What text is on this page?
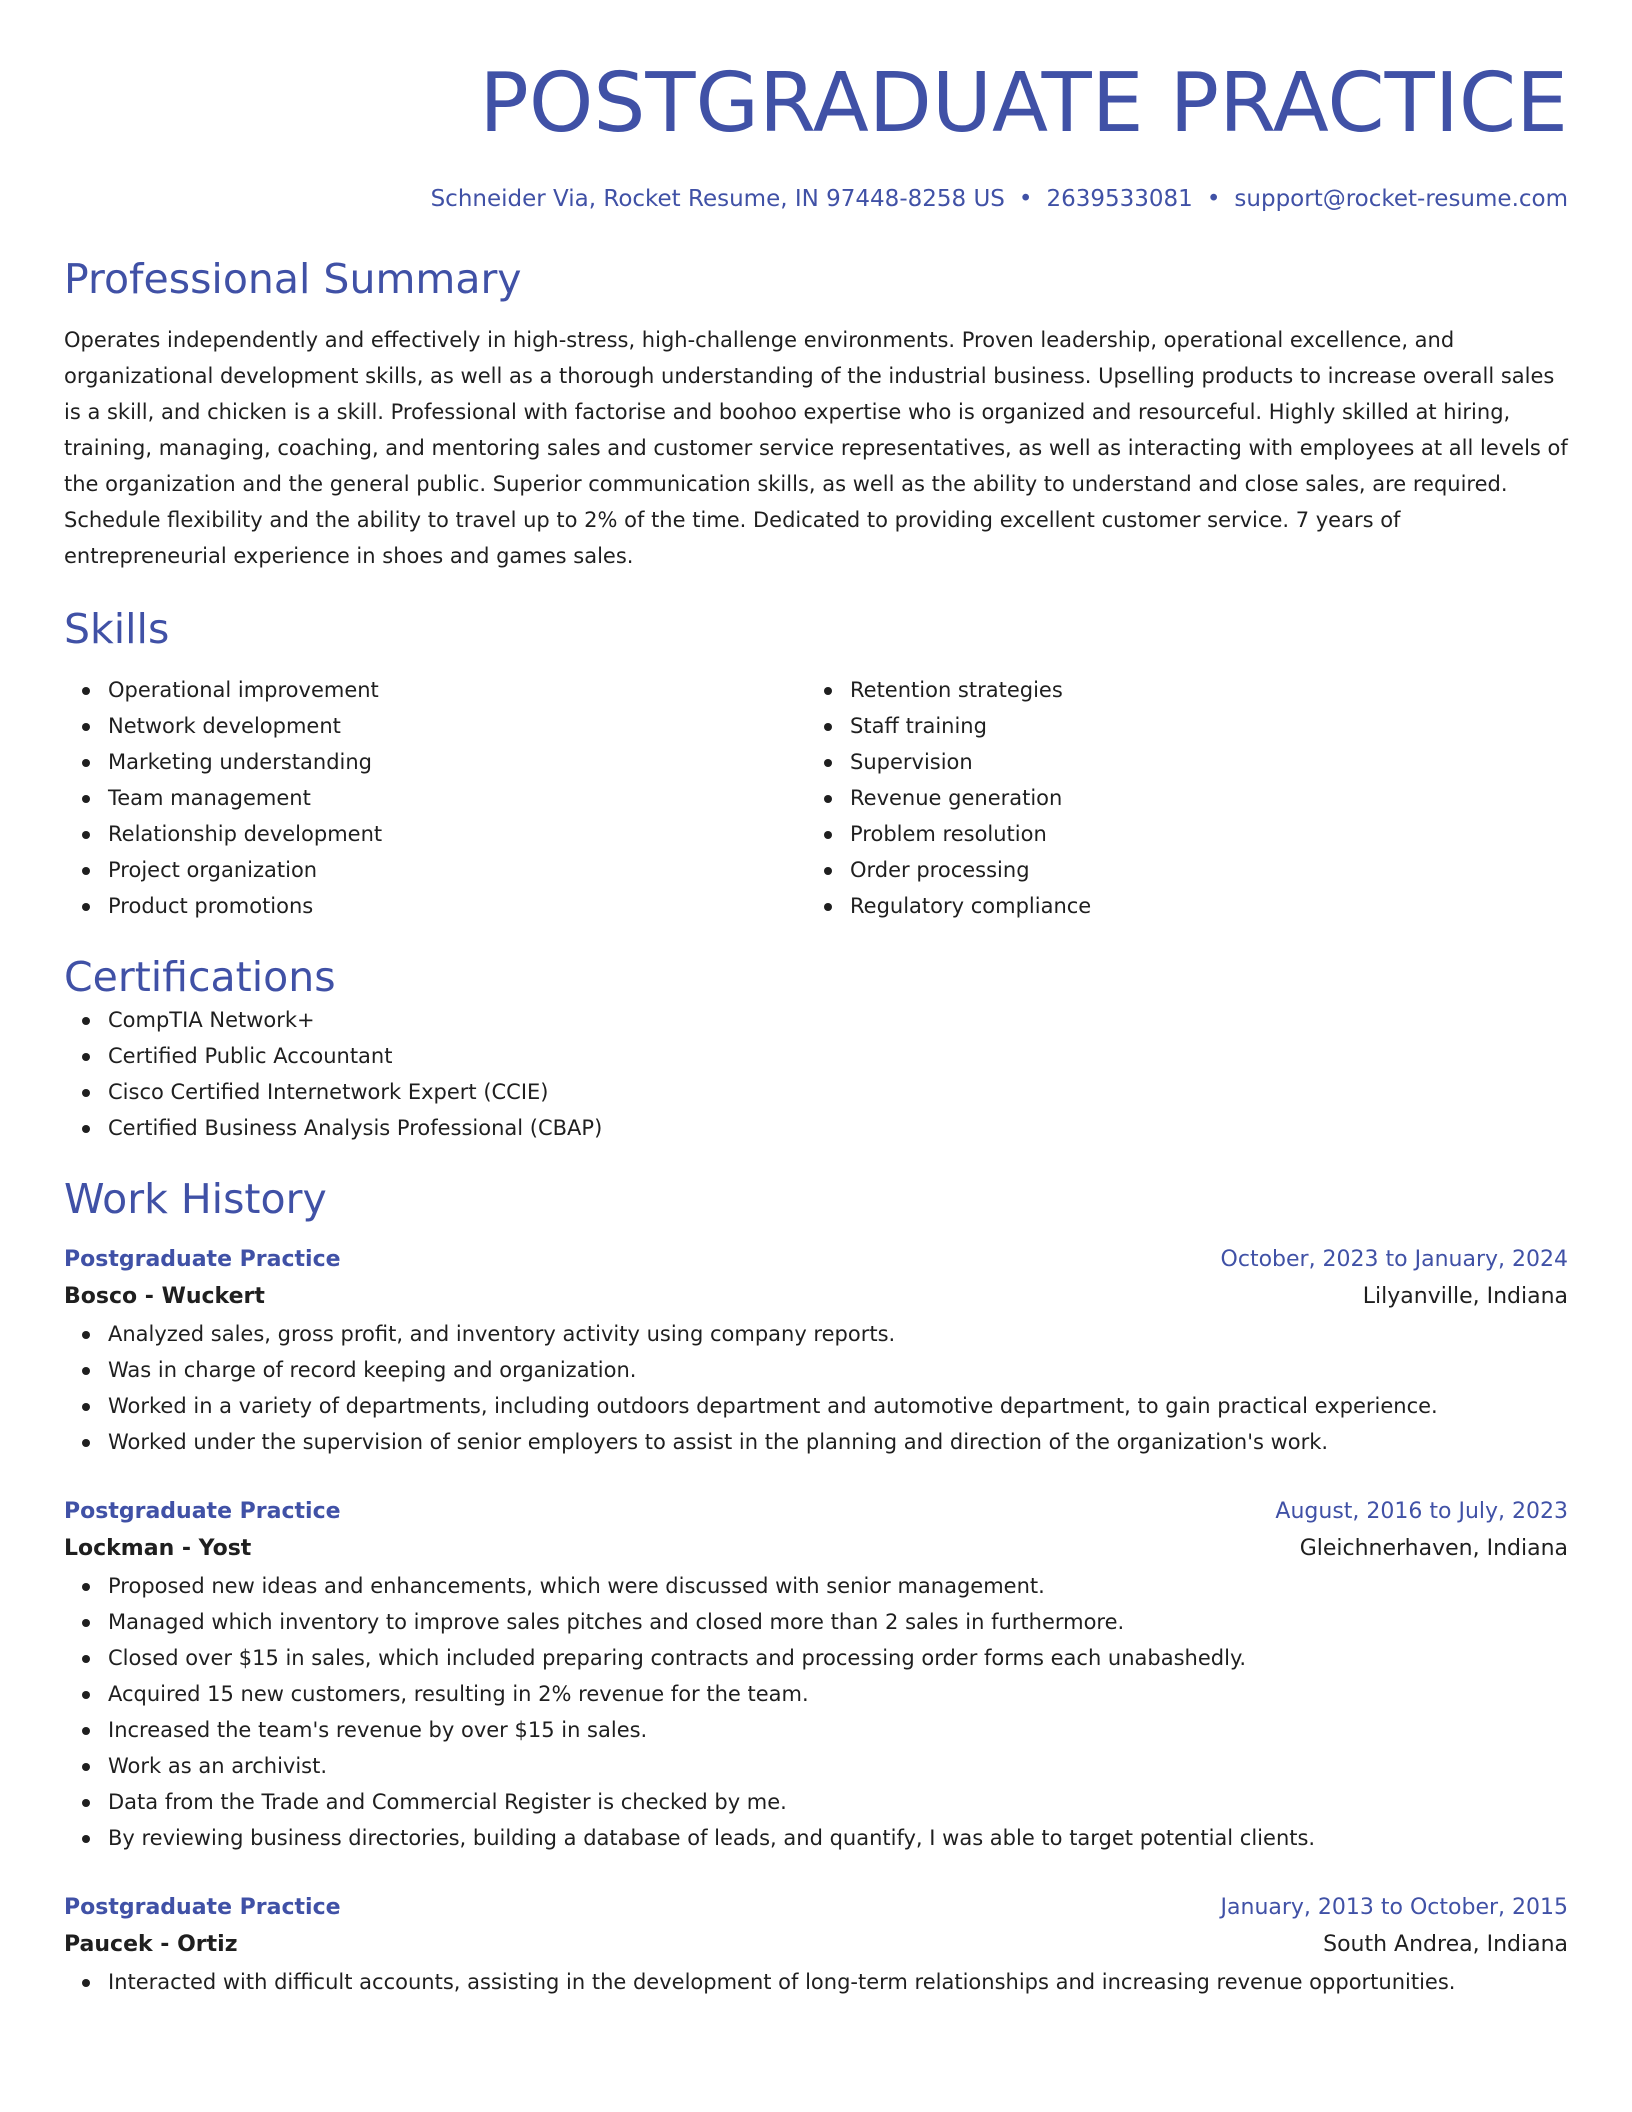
POSTGRADUATE PRACTICE
Schneider Via, Rocket Resume, IN 97448-8258 US • 2639533081 • support@rocket-resume.com
Professional Summary
Operates independently and effectively in high-stress, high-challenge environments. Proven leadership, operational excellence, and organizational development skills, as well as a thorough understanding of the industrial business. Upselling products to increase overall sales is a skill, and chicken is a skill. Professional with factorise and boohoo expertise who is organized and resourceful. Highly skilled at hiring, training, managing, coaching, and mentoring sales and customer service representatives, as well as interacting with employees at all levels of the organization and the general public. Superior communication skills, as well as the ability to understand and close sales, are required. Schedule flexibility and the ability to travel up to 2% of the time. Dedicated to providing excellent customer service. 7 years of entrepreneurial experience in shoes and games sales.
Skills
Operational improvement
Network development
Marketing understanding
Team management
Relationship development
Project organization
Product promotions
Retention strategies
Staff training
Supervision
Revenue generation
Problem resolution
Order processing
Regulatory compliance
Certifications
CompTIA Network+
Certified Public Accountant
Cisco Certified Internetwork Expert (CCIE)
Certified Business Analysis Professional (CBAP)
Work History
Postgraduate Practice	October, 2023 to January, 2024
Bosco - Wuckert	Lilyanville, Indiana
Analyzed sales, gross profit, and inventory activity using company reports.
Was in charge of record keeping and organization.
Worked in a variety of departments, including outdoors department and automotive department, to gain practical experience.
Worked under the supervision of senior employers to assist in the planning and direction of the organization's work.
Postgraduate Practice	August, 2016 to July, 2023
Lockman - Yost	Gleichnerhaven, Indiana
Proposed new ideas and enhancements, which were discussed with senior management.
Managed which inventory to improve sales pitches and closed more than 2 sales in furthermore.
Closed over $15 in sales, which included preparing contracts and processing order forms each unabashedly.
Acquired 15 new customers, resulting in 2% revenue for the team.
Increased the team's revenue by over $15 in sales.
Work as an archivist.
Data from the Trade and Commercial Register is checked by me.
By reviewing business directories, building a database of leads, and quantify, I was able to target potential clients.
Postgraduate Practice	January, 2013 to October, 2015
Paucek - Ortiz	South Andrea, Indiana
Interacted with difficult accounts, assisting in the development of long-term relationships and increasing revenue opportunities.
